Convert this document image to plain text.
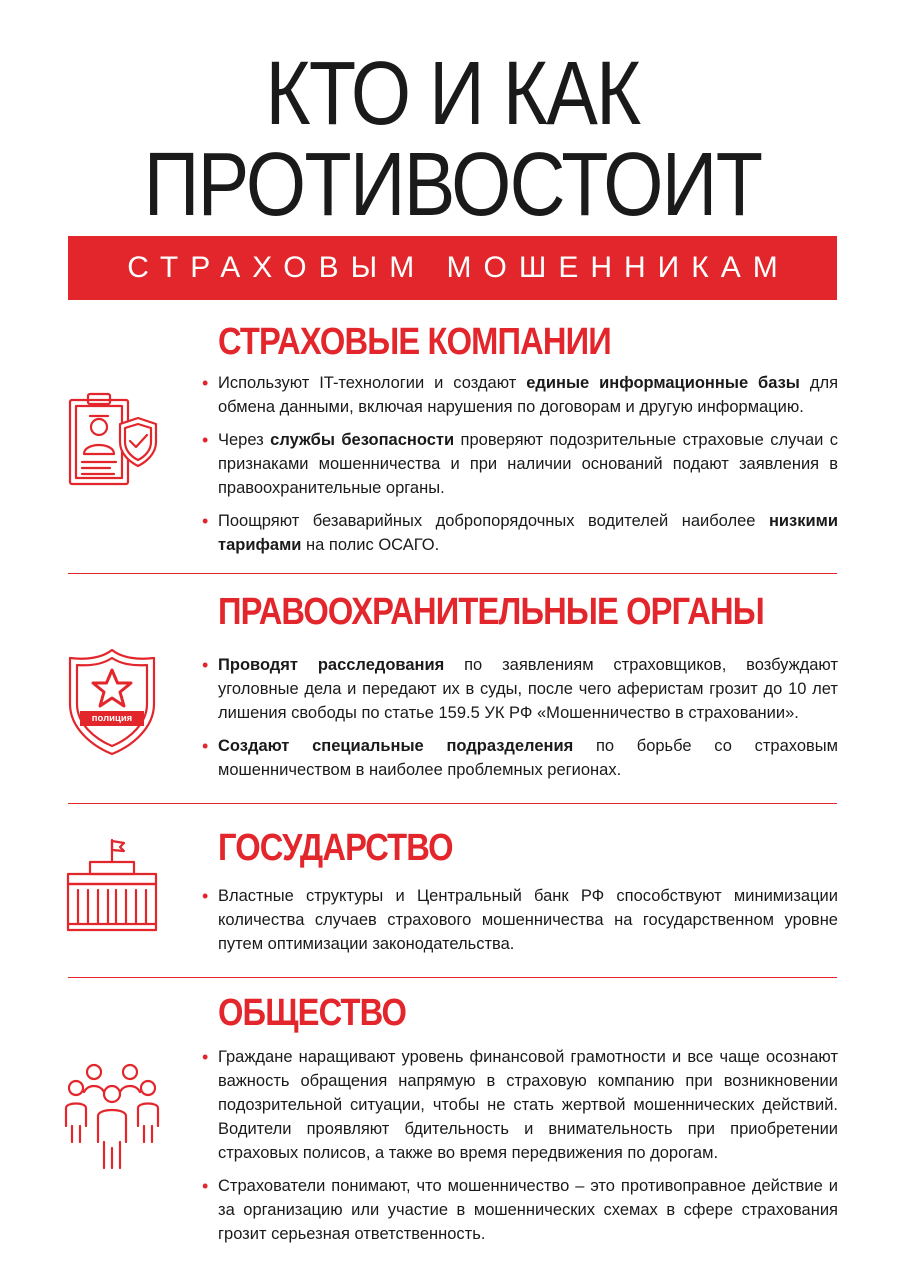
КТО И КАК
ПРОТИВОСТОИТ
СТРАХОВЫМ МОШЕННИКАМ
СТРАХОВЫЕ КОМПАНИИ
• Используют IT-технологии и создают единые информационные базы для обмена данными, включая нарушения по договорам и другую информацию.
• Через службы безопасности проверяют подозрительные страховые случаи с признаками мошенничества и при наличии оснований подают заявления в правоохранительные органы.
• Поощряют безаварийных добропорядочных водителей наиболее низкими тарифами на полис ОСАГО.
ПРАВООХРАНИТЕЛЬНЫЕ ОРГАНЫ
полиция
• Проводят расследования по заявлениям страховщиков, возбуждают уголовные дела и передают их в суды, после чего аферистам грозит до 10 лет лишения свободы по статье 159.5 УК РФ «Мошенничество в страховании».
• Создают специальные подразделения по борьбе со страховым мошенничеством в наиболее проблемных регионах.
ГОСУДАРСТВО
• Властные структуры и Центральный банк РФ способствуют минимизации количества случаев страхового мошенничества на государственном уровне путем оптимизации законодательства.
ОБЩЕСТВО
• Граждане наращивают уровень финансовой грамотности и все чаще осознают важность обращения напрямую в страховую компанию при возникновении подозрительной ситуации, чтобы не стать жертвой мошеннических действий. Водители проявляют бдительность и внимательность при приобретении страховых полисов, а также во время передвижения по дорогам.
• Страхователи понимают, что мошенничество – это противоправное действие и за организацию или участие в мошеннических схемах в сфере страхования грозит серьезная ответственность.
